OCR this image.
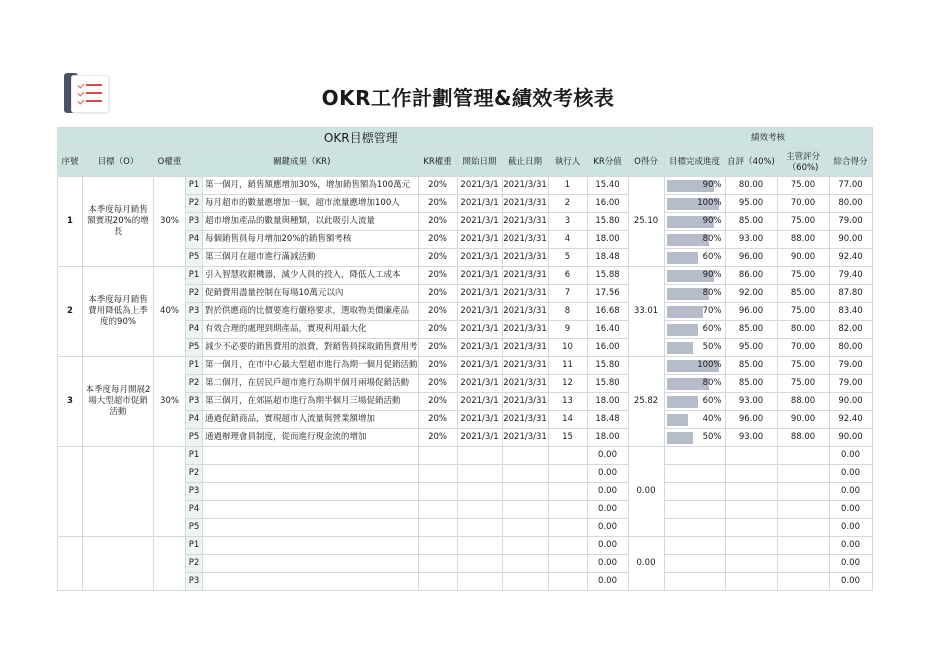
OKR工作計劃管理&績效考核表
OKR目標管理											績效考核			
序號	目標（O）	O權重	關鍵成果（KR)		KR權重	開始日期	截止日期	執行人	KR分值	O得分	目標完成進度	自評（40%)	主管評分（60%)	綜合得分
1	本季度每月銷售額實現20%的增長	30%	P1	第一個月，銷售額應增加30%，增加銷售額為100萬元	20%	2021/3/1	2021/3/31	1	15.40	25.10	90%	80.00	75.00	77.00
			P2	每月超市的數量應增加一個，超市流量應增加100人	20%	2021/3/1	2021/3/31	2	16.00		100%	95.00	70.00	80.00
			P3	超市增加產品的數量與種類，以此吸引人流量	20%	2021/3/1	2021/3/31	3	15.80		90%	85.00	75.00	79.00
			P4	每個銷售員每月增加20%的銷售額考核	20%	2021/3/1	2021/3/31	4	18.00		80%	93.00	88.00	90.00
			P5	第三個月在超市進行滿減活動	20%	2021/3/1	2021/3/31	5	18.48		60%	96.00	90.00	92.40
2	本季度每月銷售費用降低為上季度的90%	40%	P1	引入智慧收銀機器，減少人員的投入，降低人工成本	20%	2021/3/1	2021/3/31	6	15.88	33.01	90%	86.00	75.00	79.40
			P2	促銷費用盡量控制在每場10萬元以內	20%	2021/3/1	2021/3/31	7	17.56		80%	92.00	85.00	87.80
			P3	對於供應商的比價要進行嚴格要求，選取物美價廉產品	20%	2021/3/1	2021/3/31	8	16.68		70%	96.00	75.00	83.40
			P4	有效合理的處理到期產品，實現利用最大化	20%	2021/3/1	2021/3/31	9	16.40		60%	85.00	80.00	82.00
			P5	減少不必要的銷售費用的浪費，對銷售員採取銷售費用考	20%	2021/3/1	2021/3/31	10	16.00		50%	95.00	70.00	80.00
3	本季度每月開展2場大型超市促銷活動	30%	P1	第一個月，在市中心最大型超市進行為期一個月促銷活動	20%	2021/3/1	2021/3/31	11	15.80	25.82	100%	85.00	75.00	79.00
			P2	第二個月，在居民戶超市進行為期半個月兩場促銷活動	20%	2021/3/1	2021/3/31	12	15.80		80%	85.00	75.00	79.00
			P3	第三個月，在郊區超市進行為期半個月三場促銷活動	20%	2021/3/1	2021/3/31	13	18.00		60%	93.00	88.00	90.00
			P4	通過促銷商品，實現超市人流量與營業額增加	20%	2021/3/1	2021/3/31	14	18.48		40%	96.00	90.00	92.40
			P5	通過辦理會員制度，從而進行現金流的增加	20%	2021/3/1	2021/3/31	15	18.00		50%	93.00	88.00	90.00
			P1						0.00	0.00				0.00
			P2						0.00					0.00
			P3						0.00					0.00
			P4						0.00					0.00
			P5						0.00					0.00
			P1						0.00	0.00				0.00
			P2						0.00					0.00
			P3						0.00					0.00
